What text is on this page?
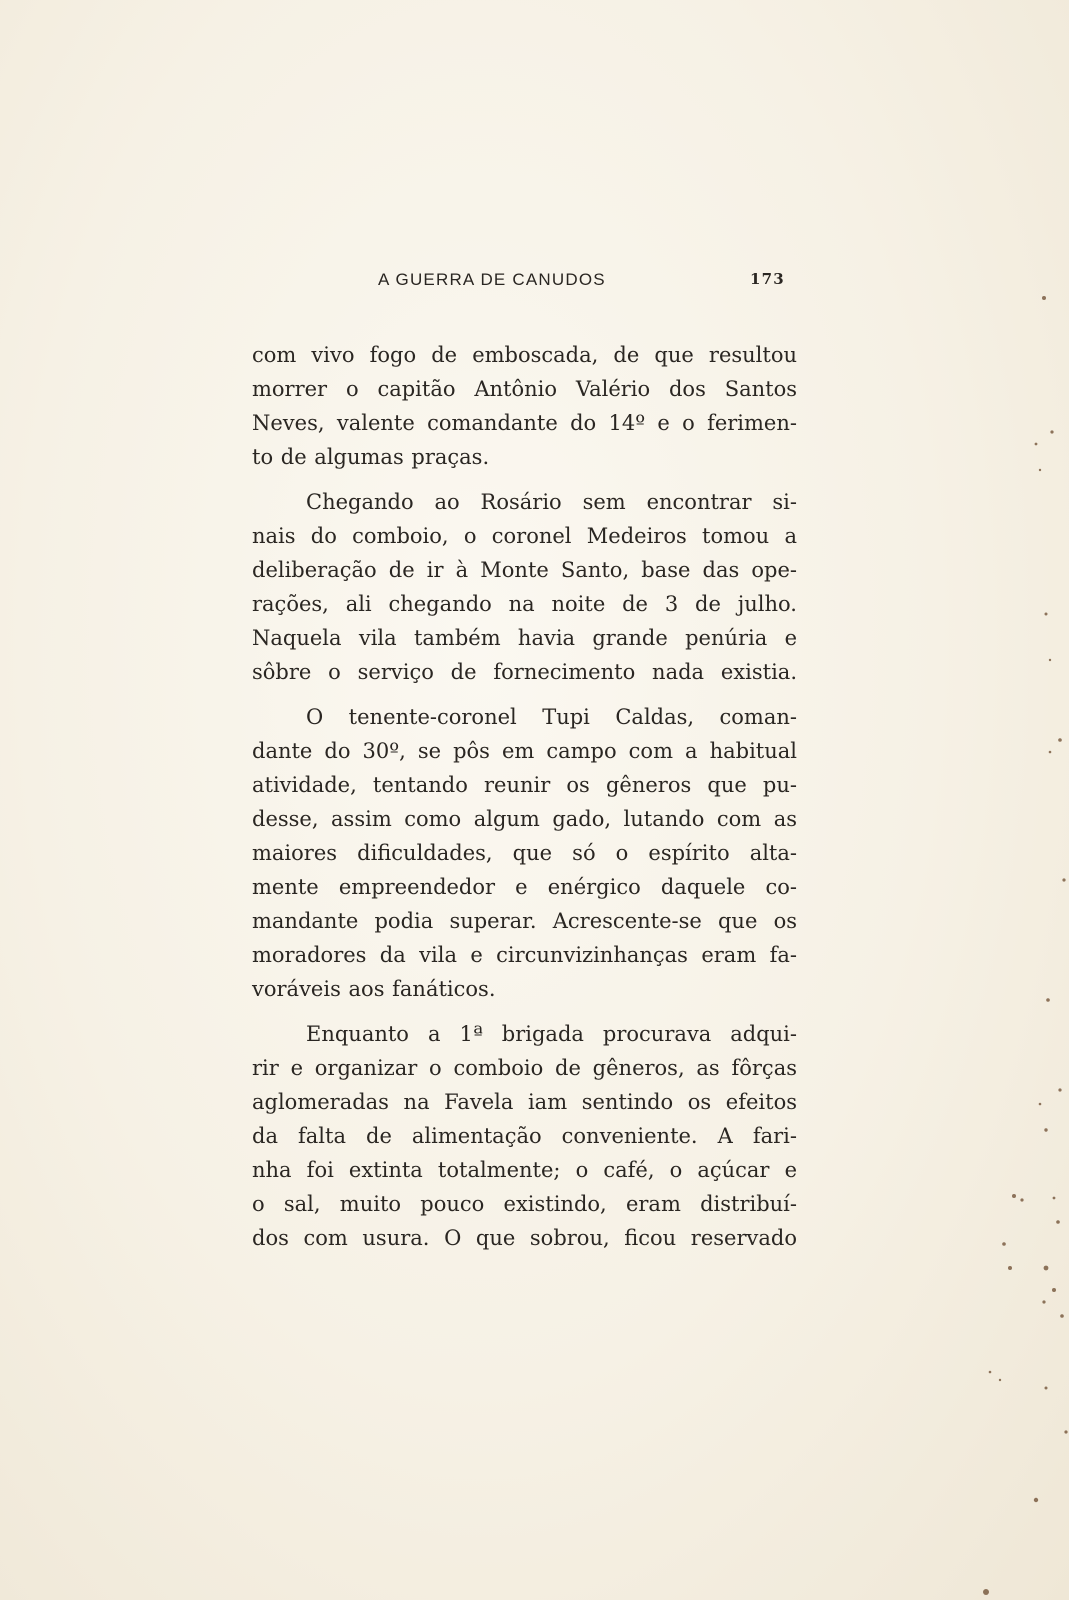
A GUERRA DE CANUDOS	173
com vivo fogo de emboscada, de que resultou
morrer o capitão Antônio Valério dos Santos
Neves, valente comandante do 14º e o ferimen-
to de algumas praças.
Chegando ao Rosário sem encontrar si-
nais do comboio, o coronel Medeiros tomou a
deliberação de ir à Monte Santo, base das ope-
rações, ali chegando na noite de 3 de julho.
Naquela vila também havia grande penúria e
sôbre o serviço de fornecimento nada existia.
O tenente-coronel Tupi Caldas, coman-
dante do 30º, se pôs em campo com a habitual
atividade, tentando reunir os gêneros que pu-
desse, assim como algum gado, lutando com as
maiores dificuldades, que só o espírito alta-
mente empreendedor e enérgico daquele co-
mandante podia superar. Acrescente-se que os
moradores da vila e circunvizinhanças eram fa-
voráveis aos fanáticos.
Enquanto a 1ª brigada procurava adqui-
rir e organizar o comboio de gêneros, as fôrças
aglomeradas na Favela iam sentindo os efeitos
da falta de alimentação conveniente. A fari-
nha foi extinta totalmente; o café, o açúcar e
o sal, muito pouco existindo, eram distribuí-
dos com usura. O que sobrou, ficou reservado
